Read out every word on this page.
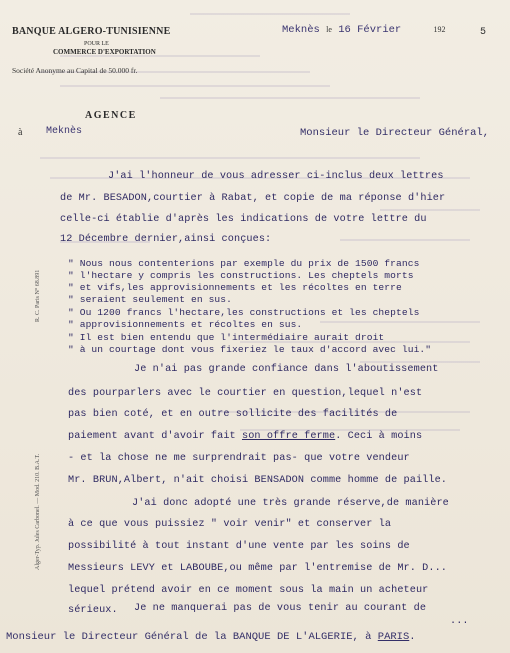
BANQUE ALGERO-TUNISIENNE
POUR LE
COMMERCE D'EXPORTATION
Société Anonyme au Capital de 50.000 fr.
AGENCE
à Meknès
Meknès le 16 Février	192	5
Monsieur le Directeur Général,
J'ai l'honneur de vous adresser ci-inclus deux lettres
de Mr. BESADON,courtier à Rabat, et copie de ma réponse d'hier
celle-ci établie d'après les indications de votre lettre du
12 Décembre dernier,ainsi conçues:
" Nous nous contenterions par exemple du prix de 1500 francs
" l'hectare y compris les constructions. Les cheptels morts
" et vifs,les approvisionnements et les récoltes en terre
" seraient seulement en sus.
" Ou 1200 francs l'hectare,les constructions et les cheptels
" approvisionnements et récoltes en sus.
" Il est bien entendu que l'intermédiaire aurait droit
" à un courtage dont vous fixeriez le taux d'accord avec lui."
Je n'ai pas grande confiance dans l'aboutissement
des pourparlers avec le courtier en question,lequel n'est
pas bien coté, et en outre sollicite des facilités de
paiement avant d'avoir fait son offre ferme. Ceci à moins
- et la chose ne me surprendrait pas- que votre vendeur
Mr. BRUN,Albert, n'ait choisi BENSADON comme homme de paille.
J'ai donc adopté une très grande réserve,de manière
à ce que vous puissiez " voir venir" et conserver la
possibilité à tout instant d'une vente par les soins de
Messieurs LEVY et LABOUBE,ou même par l'entremise de Mr. D...
lequel prétend avoir en ce moment sous la main un acheteur
sérieux. Je ne manquerai pas de vous tenir au courant de
...
Monsieur le Directeur Général de la BANQUE DE L'ALGERIE, à PARIS.
R. C. Paris N° 68.891
Alger-Typ. Jules Carbonel. — Mod. 210. B.A.T.
